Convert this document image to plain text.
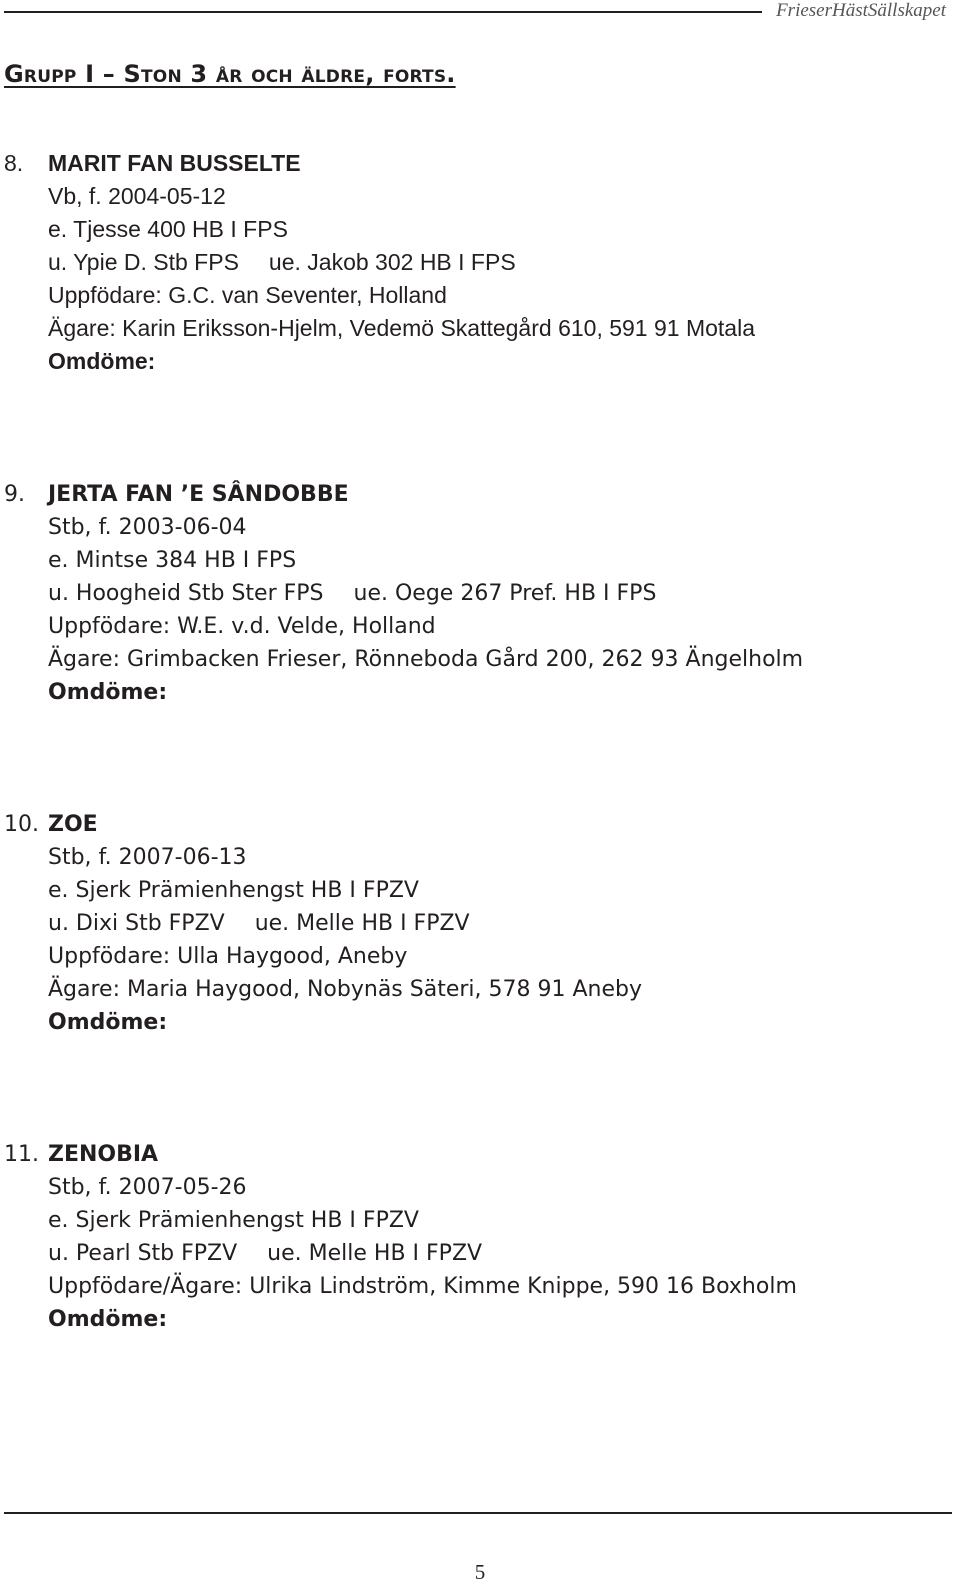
FrieserHästSällskapet
Grupp I – Ston 3 år och äldre, forts.
8. MARIT FAN BUSSELTE
Vb, f. 2004-05-12
e. Tjesse 400 HB I FPS
u. Ypie D. Stb FPS ue. Jakob 302 HB I FPS
Uppfödare: G.C. van Seventer, Holland
Ägare: Karin Eriksson-Hjelm, Vedemö Skattegård 610, 591 91 Motala
Omdöme:
9. JERTA FAN ’E SÂNDOBBE
Stb, f. 2003-06-04
e. Mintse 384 HB I FPS
u. Hoogheid Stb Ster FPS ue. Oege 267 Pref. HB I FPS
Uppfödare: W.E. v.d. Velde, Holland
Ägare: Grimbacken Frieser, Rönneboda Gård 200, 262 93 Ängelholm
Omdöme:
10. ZOE
Stb, f. 2007-06-13
e. Sjerk Prämienhengst HB I FPZV
u. Dixi Stb FPZV ue. Melle HB I FPZV
Uppfödare: Ulla Haygood, Aneby
Ägare: Maria Haygood, Nobynäs Säteri, 578 91 Aneby
Omdöme:
11. ZENOBIA
Stb, f. 2007-05-26
e. Sjerk Prämienhengst HB I FPZV
u. Pearl Stb FPZV ue. Melle HB I FPZV
Uppfödare/Ägare: Ulrika Lindström, Kimme Knippe, 590 16 Boxholm
Omdöme:
5
